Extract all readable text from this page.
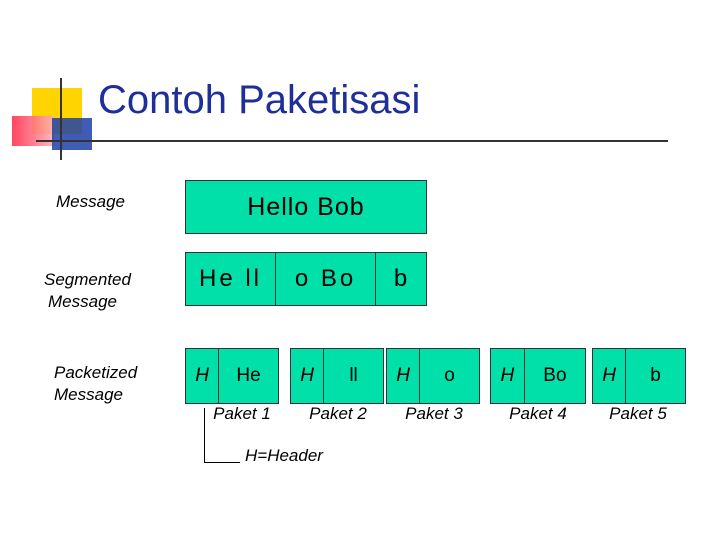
Contoh Paketisasi
Message
Segmented
Message
Packetized
Message
Hello Bob
He ll	o Bo	b
H	He	H	ll	H	o	H	Bo	H	b
Paket 1	Paket 2	Paket 3	Paket 4	Paket 5
H=Header
